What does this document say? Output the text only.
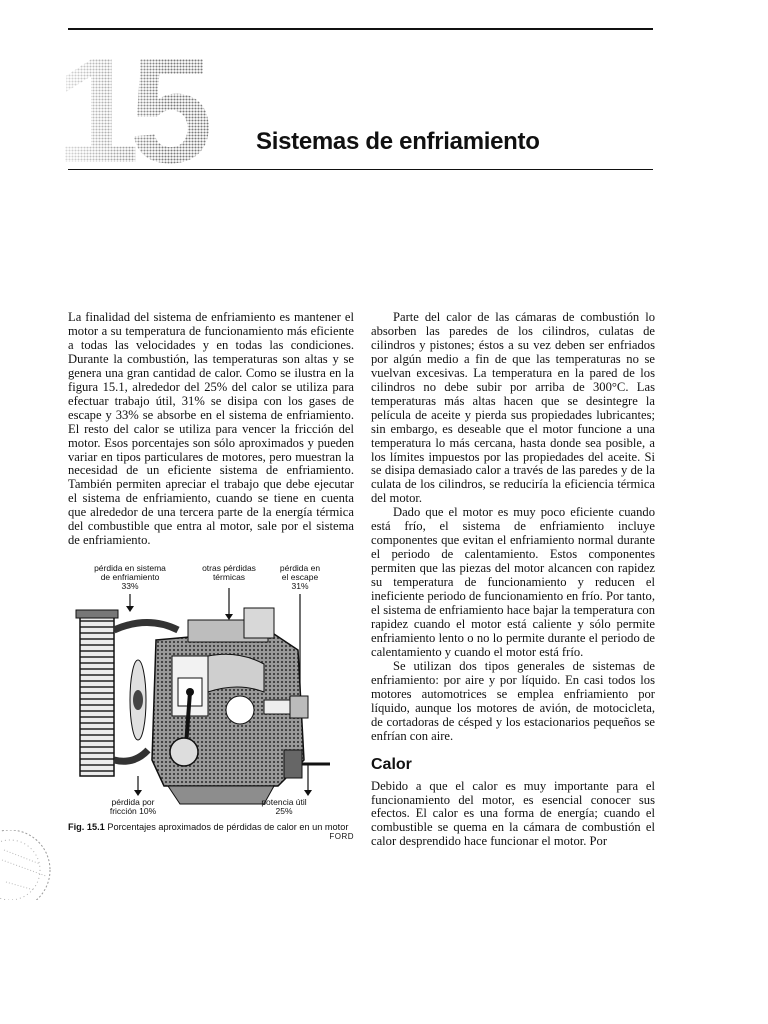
Sistemas de enfriamiento

La finalidad del sistema de enfriamiento es mantener el motor a su temperatura de funcionamiento más eficiente a todas las velocidades y en todas las condiciones. Durante la combustión, las temperaturas son altas y se genera una gran cantidad de calor. Como se ilustra en la figura 15.1, alrededor del 25% del calor se utiliza para efectuar trabajo útil, 31% se disipa con los gases de escape y 33% se absorbe en el sistema de enfriamiento. El resto del calor se utiliza para vencer la fricción del motor. Esos porcentajes son sólo aproximados y pueden variar en tipos particulares de motores, pero muestran la necesidad de un eficiente sistema de enfriamiento. También permiten apreciar el trabajo que debe ejecutar el sistema de enfriamiento, cuando se tiene en cuenta que alrededor de una tercera parte de la energía térmica del combustible que entra al motor, sale por el sistema de enfriamiento.

pérdida en sistema
de enfriamiento
33%
otras pérdidas
térmicas
pérdida en
el escape
31%
pérdida por
fricción 10%
potencia útil
25%
Fig. 15.1 Porcentajes aproximados de pérdidas de calor en un motor
FORD

Parte del calor de las cámaras de combustión lo absorben las paredes de los cilindros, culatas de cilindros y pistones; éstos a su vez deben ser enfriados por algún medio a fin de que las temperaturas no se vuelvan excesivas. La temperatura en la pared de los cilindros no debe subir por arriba de 300°C. Las temperaturas más altas hacen que se desintegre la película de aceite y pierda sus propiedades lubricantes; sin embargo, es deseable que el motor funcione a una temperatura lo más cercana, hasta donde sea posible, a los límites impuestos por las propiedades del aceite. Si se disipa demasiado calor a través de las paredes y de la culata de los cilindros, se reduciría la eficiencia térmica del motor.

Dado que el motor es muy poco eficiente cuando está frío, el sistema de enfriamiento incluye componentes que evitan el enfriamiento normal durante el periodo de calentamiento. Estos componentes permiten que las piezas del motor alcancen con rapidez su temperatura de funcionamiento y reducen el ineficiente periodo de funcionamiento en frío. Por tanto, el sistema de enfriamiento hace bajar la temperatura con rapidez cuando el motor está caliente y sólo permite enfriamiento lento o no lo permite durante el periodo de calentamiento y cuando el motor está frío.

Se utilizan dos tipos generales de sistemas de enfriamiento: por aire y por líquido. En casi todos los motores automotrices se emplea enfriamiento por líquido, aunque los motores de avión, de motocicleta, de cortadoras de césped y los estacionarios pequeños se enfrían con aire.

Calor

Debido a que el calor es muy importante para el funcionamiento del motor, es esencial conocer sus efectos. El calor es una forma de energía; cuando el combustible se quema en la cámara de combustión el calor desprendido hace funcionar el motor. Por
